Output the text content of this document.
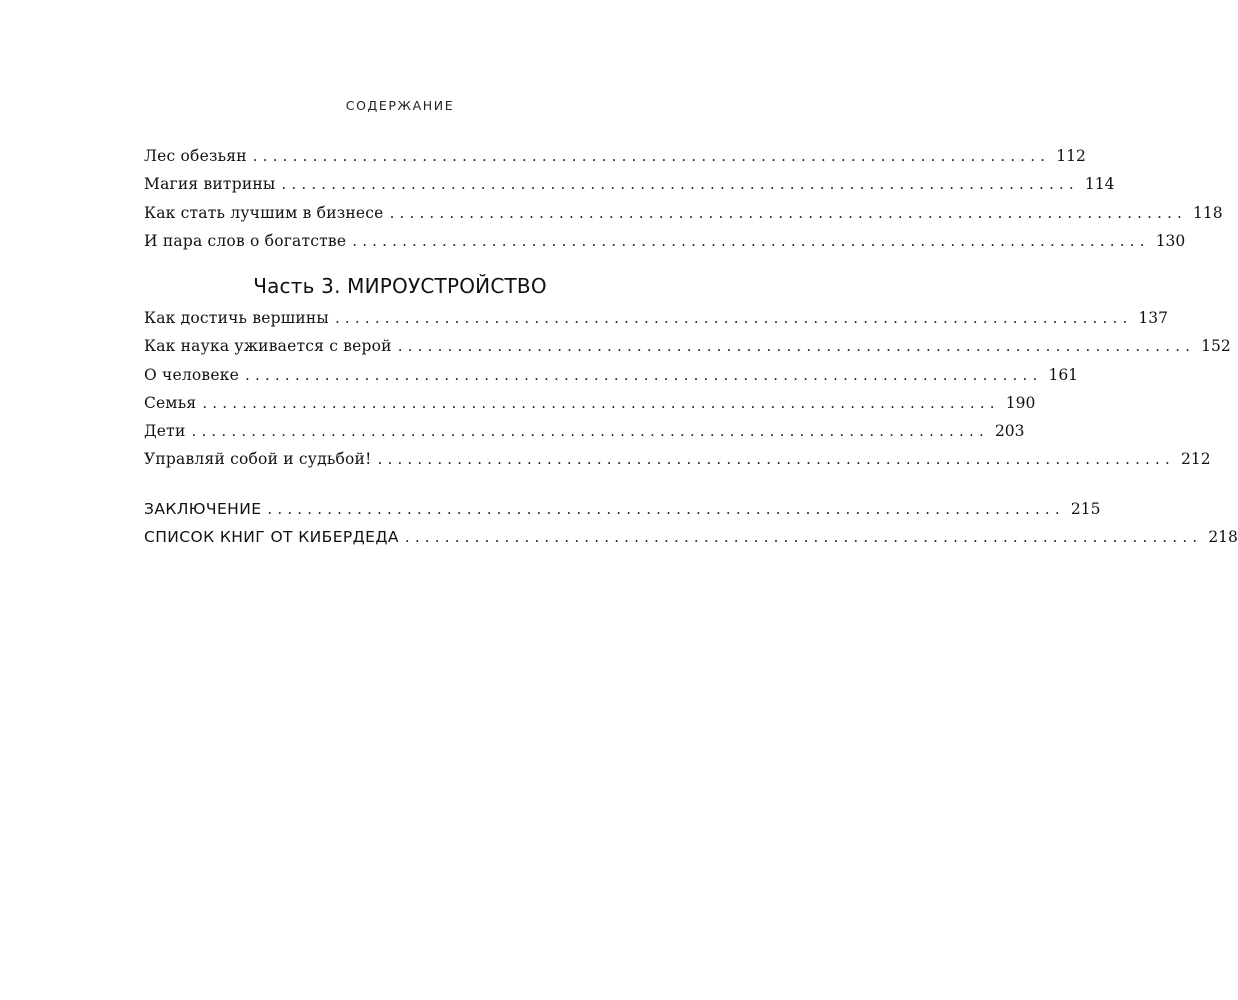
СОДЕРЖАНИЕ
Лес обезьян ................................................................................ 112
Магия витрины ................................................................................ 114
Как стать лучшим в бизнесе ................................................................................ 118
И пара слов о богатстве ................................................................................ 130
Часть 3. МИРОУСТРОЙСТВО
Как достичь вершины ................................................................................ 137
Как наука уживается с верой ................................................................................ 152
О человеке ................................................................................ 161
Семья ................................................................................ 190
Дети ................................................................................ 203
Управляй собой и судьбой! ................................................................................ 212
ЗАКЛЮЧЕНИЕ ................................................................................ 215
СПИСОК КНИГ ОТ КИБЕРДЕДА ................................................................................ 218
